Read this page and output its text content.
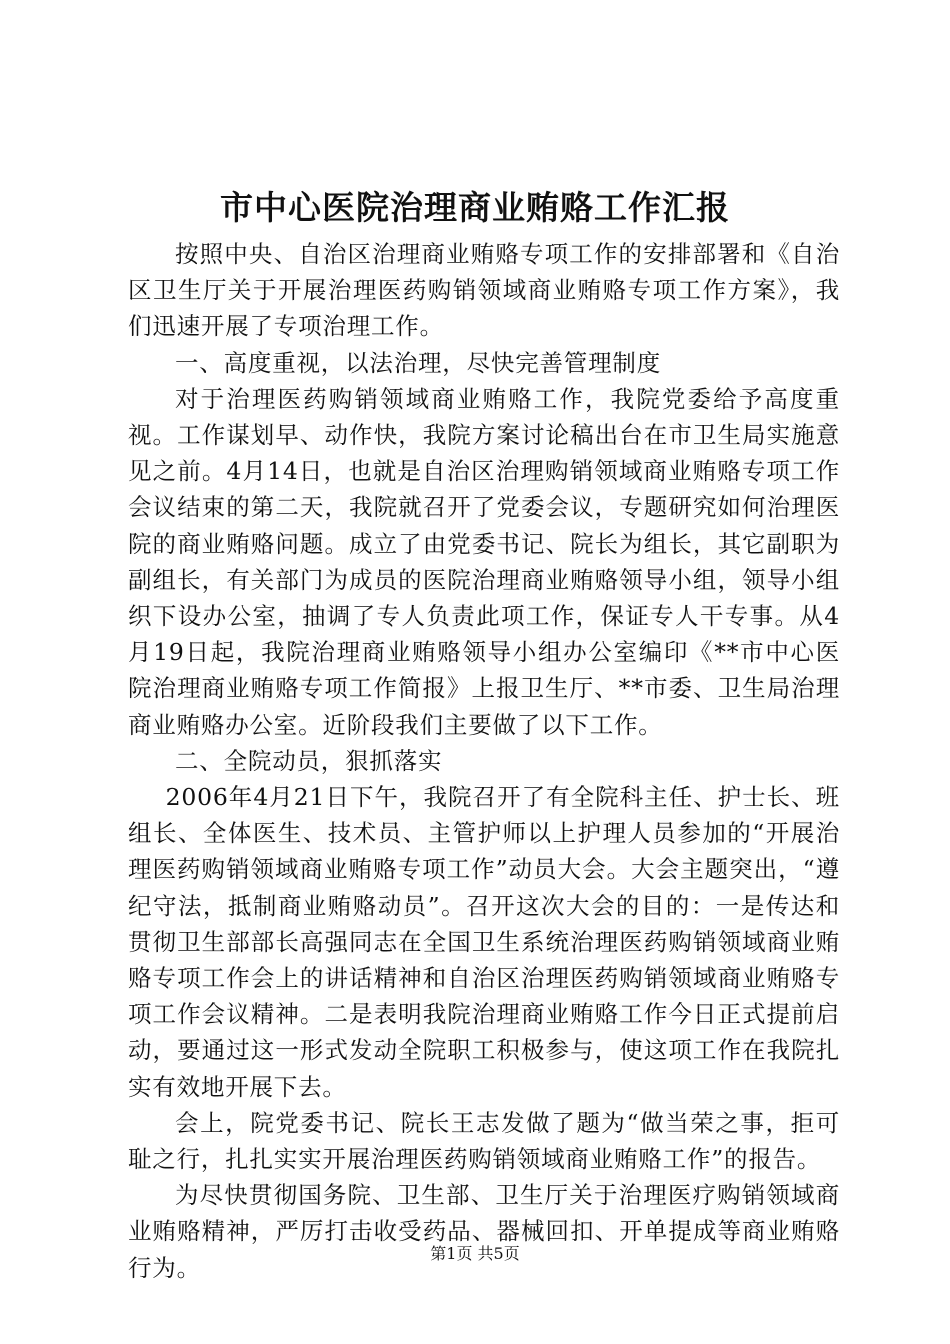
市中心医院治理商业贿赂工作汇报

按照中央、自治区治理商业贿赂专项工作的安排部署和《自治区卫生厅关于开展治理医药购销领域商业贿赂专项工作方案》，我们迅速开展了专项治理工作。

一、高度重视，以法治理，尽快完善管理制度

对于治理医药购销领域商业贿赂工作，我院党委给予高度重视。工作谋划早、动作快，我院方案讨论稿出台在市卫生局实施意见之前。4月14日，也就是自治区治理购销领域商业贿赂专项工作会议结束的第二天，我院就召开了党委会议，专题研究如何治理医院的商业贿赂问题。成立了由党委书记、院长为组长，其它副职为副组长，有关部门为成员的医院治理商业贿赂领导小组，领导小组织下设办公室，抽调了专人负责此项工作，保证专人干专事。从4月19日起，我院治理商业贿赂领导小组办公室编印《**市中心医院治理商业贿赂专项工作简报》上报卫生厅、**市委、卫生局治理商业贿赂办公室。近阶段我们主要做了以下工作。

二、全院动员，狠抓落实

2006年4月21日下午，我院召开了有全院科主任、护士长、班组长、全体医生、技术员、主管护师以上护理人员参加的“开展治理医药购销领域商业贿赂专项工作”动员大会。大会主题突出，“遵纪守法，抵制商业贿赂动员”。召开这次大会的目的：一是传达和贯彻卫生部部长高强同志在全国卫生系统治理医药购销领域商业贿赂专项工作会上的讲话精神和自治区治理医药购销领域商业贿赂专项工作会议精神。二是表明我院治理商业贿赂工作今日正式提前启动，要通过这一形式发动全院职工积极参与，使这项工作在我院扎实有效地开展下去。

会上，院党委书记、院长王志发做了题为“做当荣之事，拒可耻之行，扎扎实实开展治理医药购销领域商业贿赂工作”的报告。

为尽快贯彻国务院、卫生部、卫生厅关于治理医疗购销领域商业贿赂精神，严厉打击收受药品、器械回扣、开单提成等商业贿赂行为。

第1页 共5页
